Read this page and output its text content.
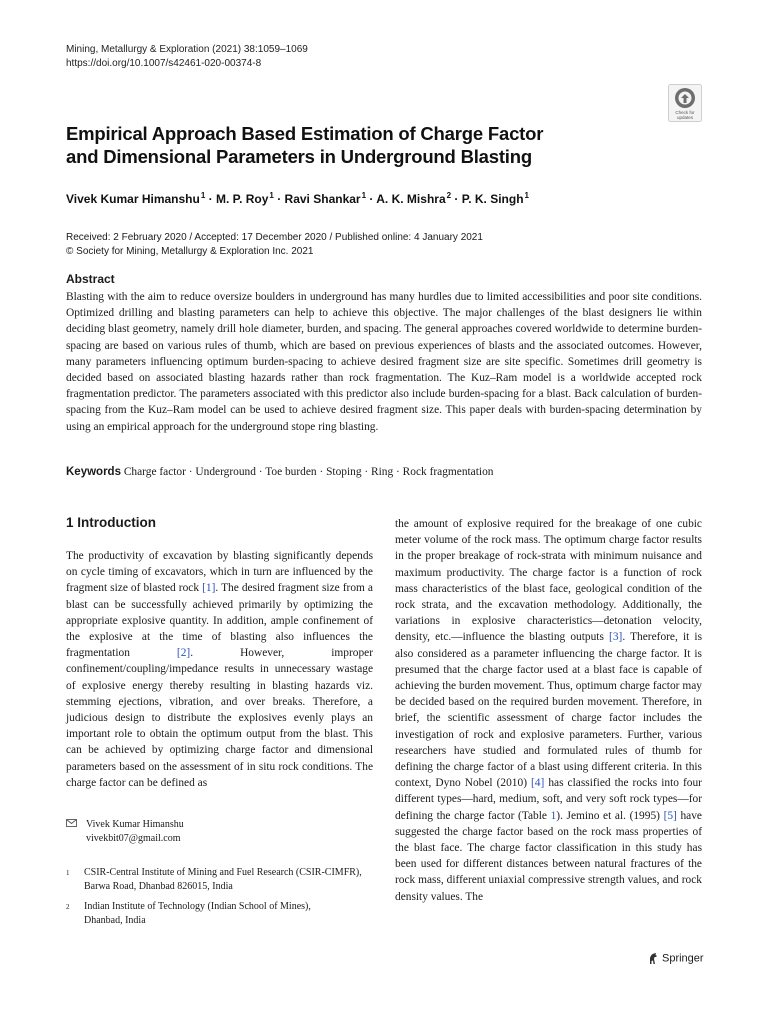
Mining, Metallurgy & Exploration (2021) 38:1059–1069
https://doi.org/10.1007/s42461-020-00374-8
Check for
updates
Empirical Approach Based Estimation of Charge Factor
and Dimensional Parameters in Underground Blasting
Vivek Kumar Himanshu$^1$ · M. P. Roy$^1$ · Ravi Shankar$^1$ · A. K. Mishra$^2$ · P. K. Singh$^1$
Received: 2 February 2020 / Accepted: 17 December 2020 / Published online: 4 January 2021
© Society for Mining, Metallurgy & Exploration Inc. 2021
Abstract
Blasting with the aim to reduce oversize boulders in underground has many hurdles due to limited accessibilities and poor site conditions. Optimized drilling and blasting parameters can help to achieve this objective. The major challenges of the blast designers lie within deciding blast geometry, namely drill hole diameter, burden, and spacing. The general approaches covered worldwide to determine burden-spacing are based on various rules of thumb, which are based on previous experiences of blasts and the associated outcomes. However, many parameters influencing optimum burden-spacing to achieve desired fragment size are site specific. Sometimes drill geometry is decided based on associated blasting hazards rather than rock fragmentation. The Kuz–Ram model is a worldwide accepted rock fragmentation predictor. The parameters associated with this predictor also include burden-spacing for a blast. Back calculation of burden-spacing from the Kuz–Ram model can be used to achieve desired fragment size. This paper deals with burden-spacing determination by using an empirical approach for the underground stope ring blasting.
Keywords Charge factor · Underground · Toe burden · Stoping · Ring · Rock fragmentation
1 Introduction
The productivity of excavation by blasting significantly depends on cycle timing of excavators, which in turn are influenced by the fragment size of blasted rock [1]. The desired fragment size from a blast can be successfully achieved primarily by optimizing the appropriate explosive quantity. In addition, ample confinement of the explosive at the time of blasting also influences the fragmentation [2]. However, improper confinement/coupling/impedance results in unnecessary wastage of explosive energy thereby resulting in blasting hazards viz. stemming ejections, vibration, and over breaks. Therefore, a judicious design to distribute the explosives evenly plays an important role to obtain the optimum output from the blast. This can be achieved by optimizing charge factor and dimensional parameters based on the assessment of in situ rock conditions. The charge factor can be defined as
the amount of explosive required for the breakage of one cubic meter volume of the rock mass. The optimum charge factor results in the proper breakage of rock-strata with minimum nuisance and maximum productivity. The charge factor is a function of rock mass characteristics of the blast face, geological condition of the rock strata, and the excavation methodology. Additionally, the variations in explosive characteristics—detonation velocity, density, etc.—influence the blasting outputs [3]. Therefore, it is also considered as a parameter influencing the charge factor. It is presumed that the charge factor used at a blast face is capable of achieving the burden movement. Thus, optimum charge factor may be decided based on the required burden movement. Therefore, in brief, the scientific assessment of charge factor includes the investigation of rock and explosive parameters. Further, various researchers have studied and formulated rules of thumb for defining the charge factor of a blast using different criteria. In this context, Dyno Nobel (2010) [4] has classified the rocks into four different types—hard, medium, soft, and very soft rock types—for defining the charge factor (Table 1). Jemino et al. (1995) [5] have suggested the charge factor based on the rock mass properties of the blast face. The charge factor classification in this study has been used for different distances between natural fractures of the rock mass, different uniaxial compressive strength values, and rock density values. The
Vivek Kumar Himanshu
vivekbit07@gmail.com
1 CSIR-Central Institute of Mining and Fuel Research (CSIR-CIMFR),
Barwa Road, Dhanbad 826015, India
2 Indian Institute of Technology (Indian School of Mines),
Dhanbad, India
Springer
